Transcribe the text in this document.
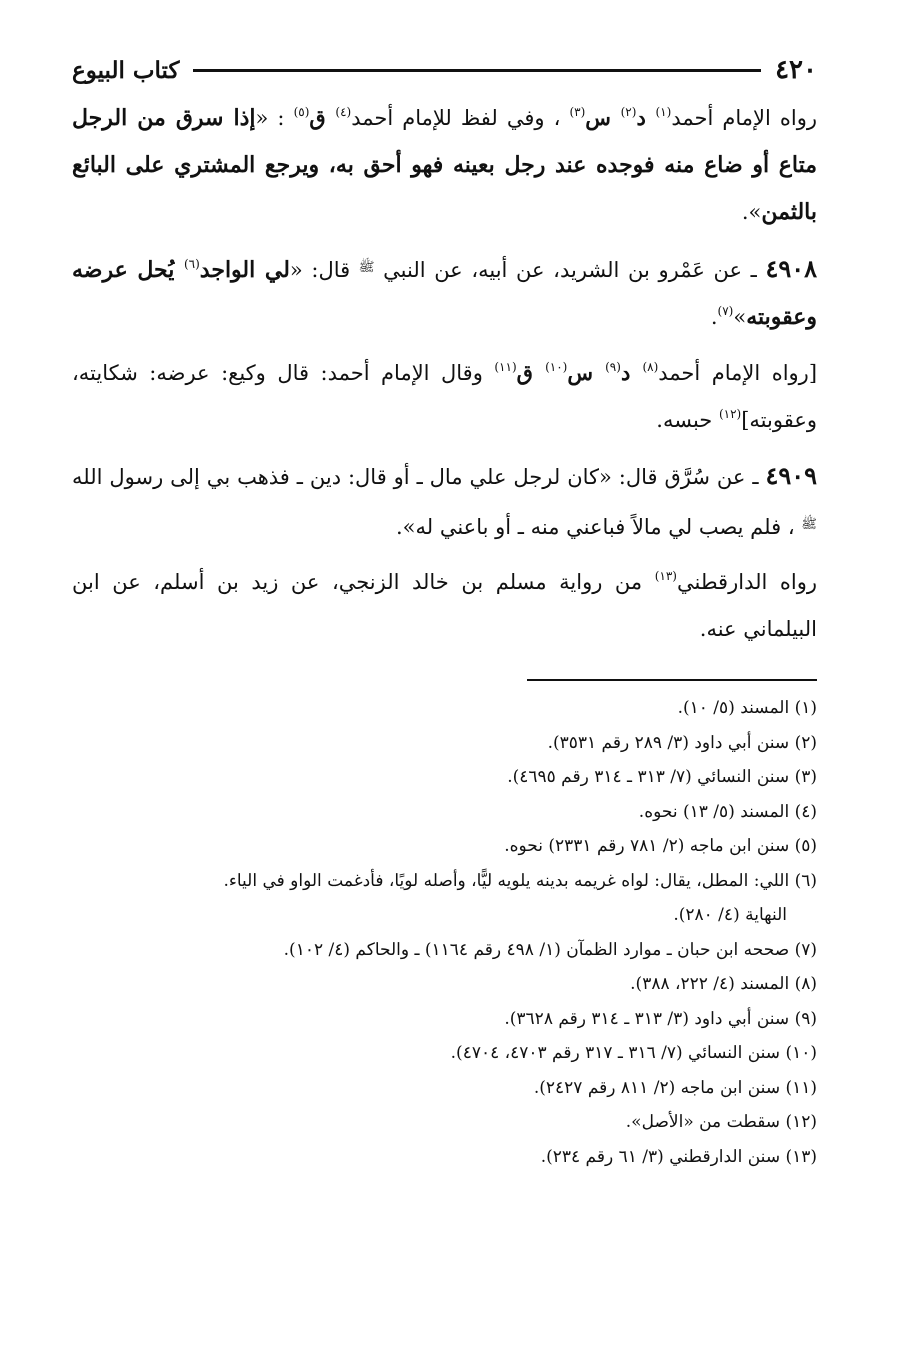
٤٢٠
كتاب البيوع

رواه الإمام أحمد$^{(١)}$ د$^{(٢)}$ س$^{(٣)}$ ، وفي لفظ للإمام أحمد$^{(٤)}$ ق$^{(٥)}$ : «إذا سرق من الرجل متاع أو ضاع منه فوجده عند رجل بعينه فهو أحق به، ويرجع المشتري على البائع بالثمن».

٤٩٠٨ ـ عن عَمْرو بن الشريد، عن أبيه، عن النبي $^ﷺ$ قال: «لي الواجد$^{(٦)}$ يُحل عرضه وعقوبته»$^{(٧)}$.

[رواه الإمام أحمد$^{(٨)}$ د$^{(٩)}$ س$^{(١٠)}$ ق$^{(١١)}$ وقال الإمام أحمد: قال وكيع: عرضه: شكايته، وعقوبته]$^{(١٢)}$ حبسه.

٤٩٠٩ ـ عن سُرَّق قال: «كان لرجل علي مال ـ أو قال: دين ـ فذهب بي إلى رسول الله $^ﷺ$ ، فلم يصب لي مالاً فباعني منه ـ أو باعني له».

رواه الدارقطني$^{(١٣)}$ من رواية مسلم بن خالد الزنجي، عن زيد بن أسلم، عن ابن البيلماني عنه.

(١) المسند (٥/ ١٠).
(٢) سنن أبي داود (٣/ ٢٨٩ رقم ٣٥٣١).
(٣) سنن النسائي (٧/ ٣١٣ ـ ٣١٤ رقم ٤٦٩٥).
(٤) المسند (٥/ ١٣) نحوه.
(٥) سنن ابن ماجه (٢/ ٧٨١ رقم ٢٣٣١) نحوه.
(٦) اللي: المطل، يقال: لواه غريمه بدينه يلويه ليًّا، وأصله لويًا، فأدغمت الواو في الياء.
النهاية (٤/ ٢٨٠).
(٧) صححه ابن حبان ـ موارد الظمآن (١/ ٤٩٨ رقم ١١٦٤) ـ والحاكم (٤/ ١٠٢).
(٨) المسند (٤/ ٢٢٢، ٣٨٨).
(٩) سنن أبي داود (٣/ ٣١٣ ـ ٣١٤ رقم ٣٦٢٨).
(١٠) سنن النسائي (٧/ ٣١٦ ـ ٣١٧ رقم ٤٧٠٣، ٤٧٠٤).
(١١) سنن ابن ماجه (٢/ ٨١١ رقم ٢٤٢٧).
(١٢) سقطت من «الأصل».
(١٣) سنن الدارقطني (٣/ ٦١ رقم ٢٣٤).
